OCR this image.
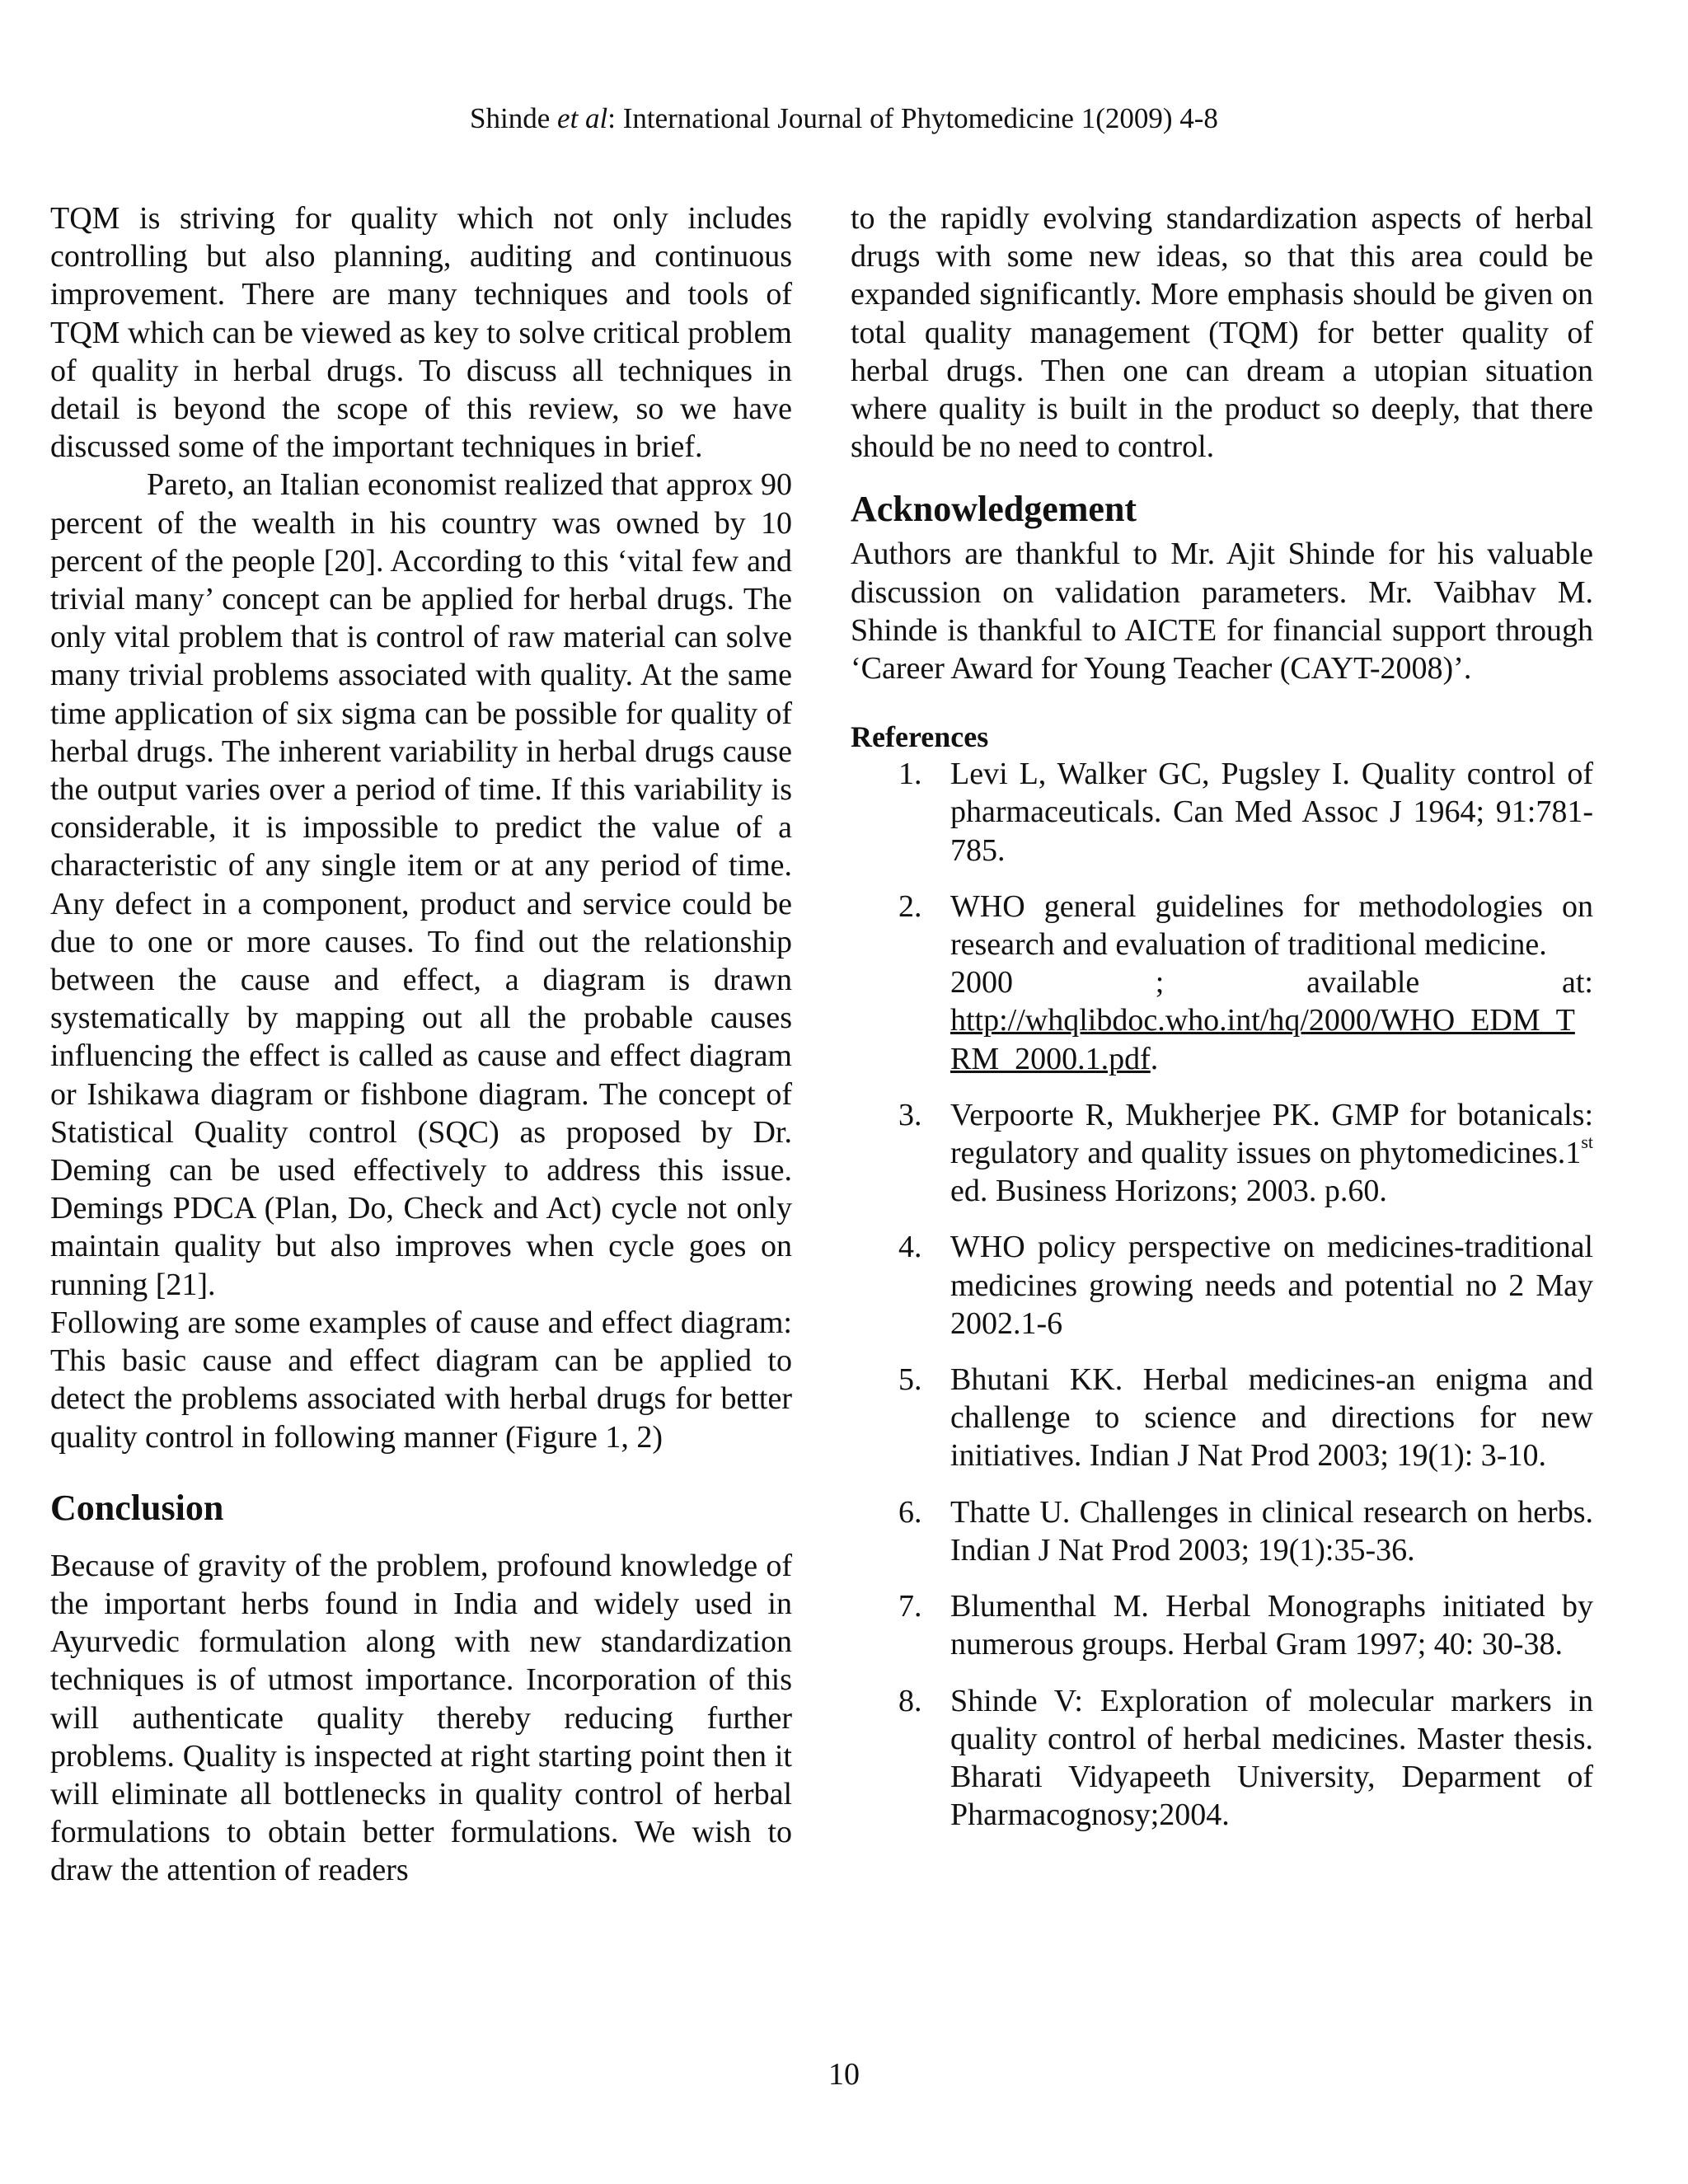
Shinde et al: International Journal of Phytomedicine 1(2009) 4-8

TQM is striving for quality which not only includes controlling but also planning, auditing and continuous improvement. There are many techniques and tools of TQM which can be viewed as key to solve critical problem of quality in herbal drugs. To discuss all techniques in detail is beyond the scope of this review, so we have discussed some of the important techniques in brief.

Pareto, an Italian economist realized that approx 90 percent of the wealth in his country was owned by 10 percent of the people [20]. According to this ‘vital few and trivial many’ concept can be applied for herbal drugs. The only vital problem that is control of raw material can solve many trivial problems associated with quality. At the same time application of six sigma can be possible for quality of herbal drugs. The inherent variability in herbal drugs cause the output varies over a period of time. If this variability is considerable, it is impossible to predict the value of a characteristic of any single item or at any period of time. Any defect in a component, product and service could be due to one or more causes. To find out the relationship between the cause and effect, a diagram is drawn systematically by mapping out all the probable causes influencing the effect is called as cause and effect diagram or Ishikawa diagram or fishbone diagram. The concept of Statistical Quality control (SQC) as proposed by Dr. Deming can be used effectively to address this issue. Demings PDCA (Plan, Do, Check and Act) cycle not only maintain quality but also improves when cycle goes on running [21].

Following are some examples of cause and effect diagram: This basic cause and effect diagram can be applied to detect the problems associated with herbal drugs for better quality control in following manner (Figure 1, 2)

Conclusion

Because of gravity of the problem, profound knowledge of the important herbs found in India and widely used in Ayurvedic formulation along with new standardization techniques is of utmost importance. Incorporation of this will authenticate quality thereby reducing further problems. Quality is inspected at right starting point then it will eliminate all bottlenecks in quality control of herbal formulations to obtain better formulations. We wish to draw the attention of readers

to the rapidly evolving standardization aspects of herbal drugs with some new ideas, so that this area could be expanded significantly. More emphasis should be given on total quality management (TQM) for better quality of herbal drugs. Then one can dream a utopian situation where quality is built in the product so deeply, that there should be no need to control.

Acknowledgement

Authors are thankful to Mr. Ajit Shinde for his valuable discussion on validation parameters. Mr. Vaibhav M. Shinde is thankful to AICTE for financial support through ‘Career Award for Young Teacher (CAYT-2008)’.

References
1. Levi L, Walker GC, Pugsley I. Quality control of pharmaceuticals. Can Med Assoc J 1964; 91:781-785.
2. WHO general guidelines for methodologies on research and evaluation of traditional medicine.
2000 ; available at:
http://whqlibdoc.who.int/hq/2000/WHO_EDM_TRM_2000.1.pdf.
3. Verpoorte R, Mukherjee PK. GMP for botanicals: regulatory and quality issues on phytomedicines.1st ed. Business Horizons; 2003. p.60.
4. WHO policy perspective on medicines-traditional medicines growing needs and potential no 2 May 2002.1-6
5. Bhutani KK. Herbal medicines-an enigma and challenge to science and directions for new initiatives. Indian J Nat Prod 2003; 19(1): 3-10.
6. Thatte U. Challenges in clinical research on herbs. Indian J Nat Prod 2003; 19(1):35-36.
7. Blumenthal M. Herbal Monographs initiated by numerous groups. Herbal Gram 1997; 40: 30-38.
8. Shinde V: Exploration of molecular markers in quality control of herbal medicines. Master thesis. Bharati Vidyapeeth University, Deparment of Pharmacognosy;2004.
10
